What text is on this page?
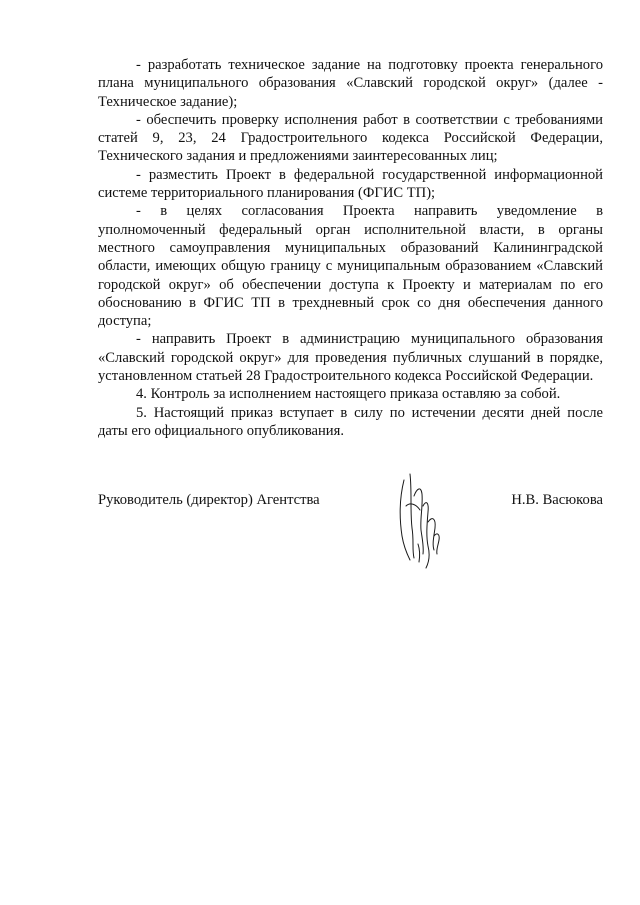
- разработать техническое задание на подготовку проекта генерального плана муниципального образования «Славский городской округ» (далее - Техническое задание);

- обеспечить проверку исполнения работ в соответствии с требованиями статей 9, 23, 24 Градостроительного кодекса Российской Федерации, Технического задания и предложениями заинтересованных лиц;

- разместить Проект в федеральной государственной информационной системе территориального планирования (ФГИС ТП);

- в целях согласования Проекта направить уведомление в уполномоченный федеральный орган исполнительной власти, в органы местного самоуправления муниципальных образований Калининградской области, имеющих общую границу с муниципальным образованием «Славский городской округ» об обеспечении доступа к Проекту и материалам по его обоснованию в ФГИС ТП в трехдневный срок со дня обеспечения данного доступа;

- направить Проект в администрацию муниципального образования «Славский городской округ» для проведения публичных слушаний в порядке, установленном статьей 28 Градостроительного кодекса Российской Федерации.

4. Контроль за исполнением настоящего приказа оставляю за собой.

5. Настоящий приказ вступает в силу по истечении десяти дней после даты его официального опубликования.

Руководитель (директор) Агентства	Н.В. Васюкова
